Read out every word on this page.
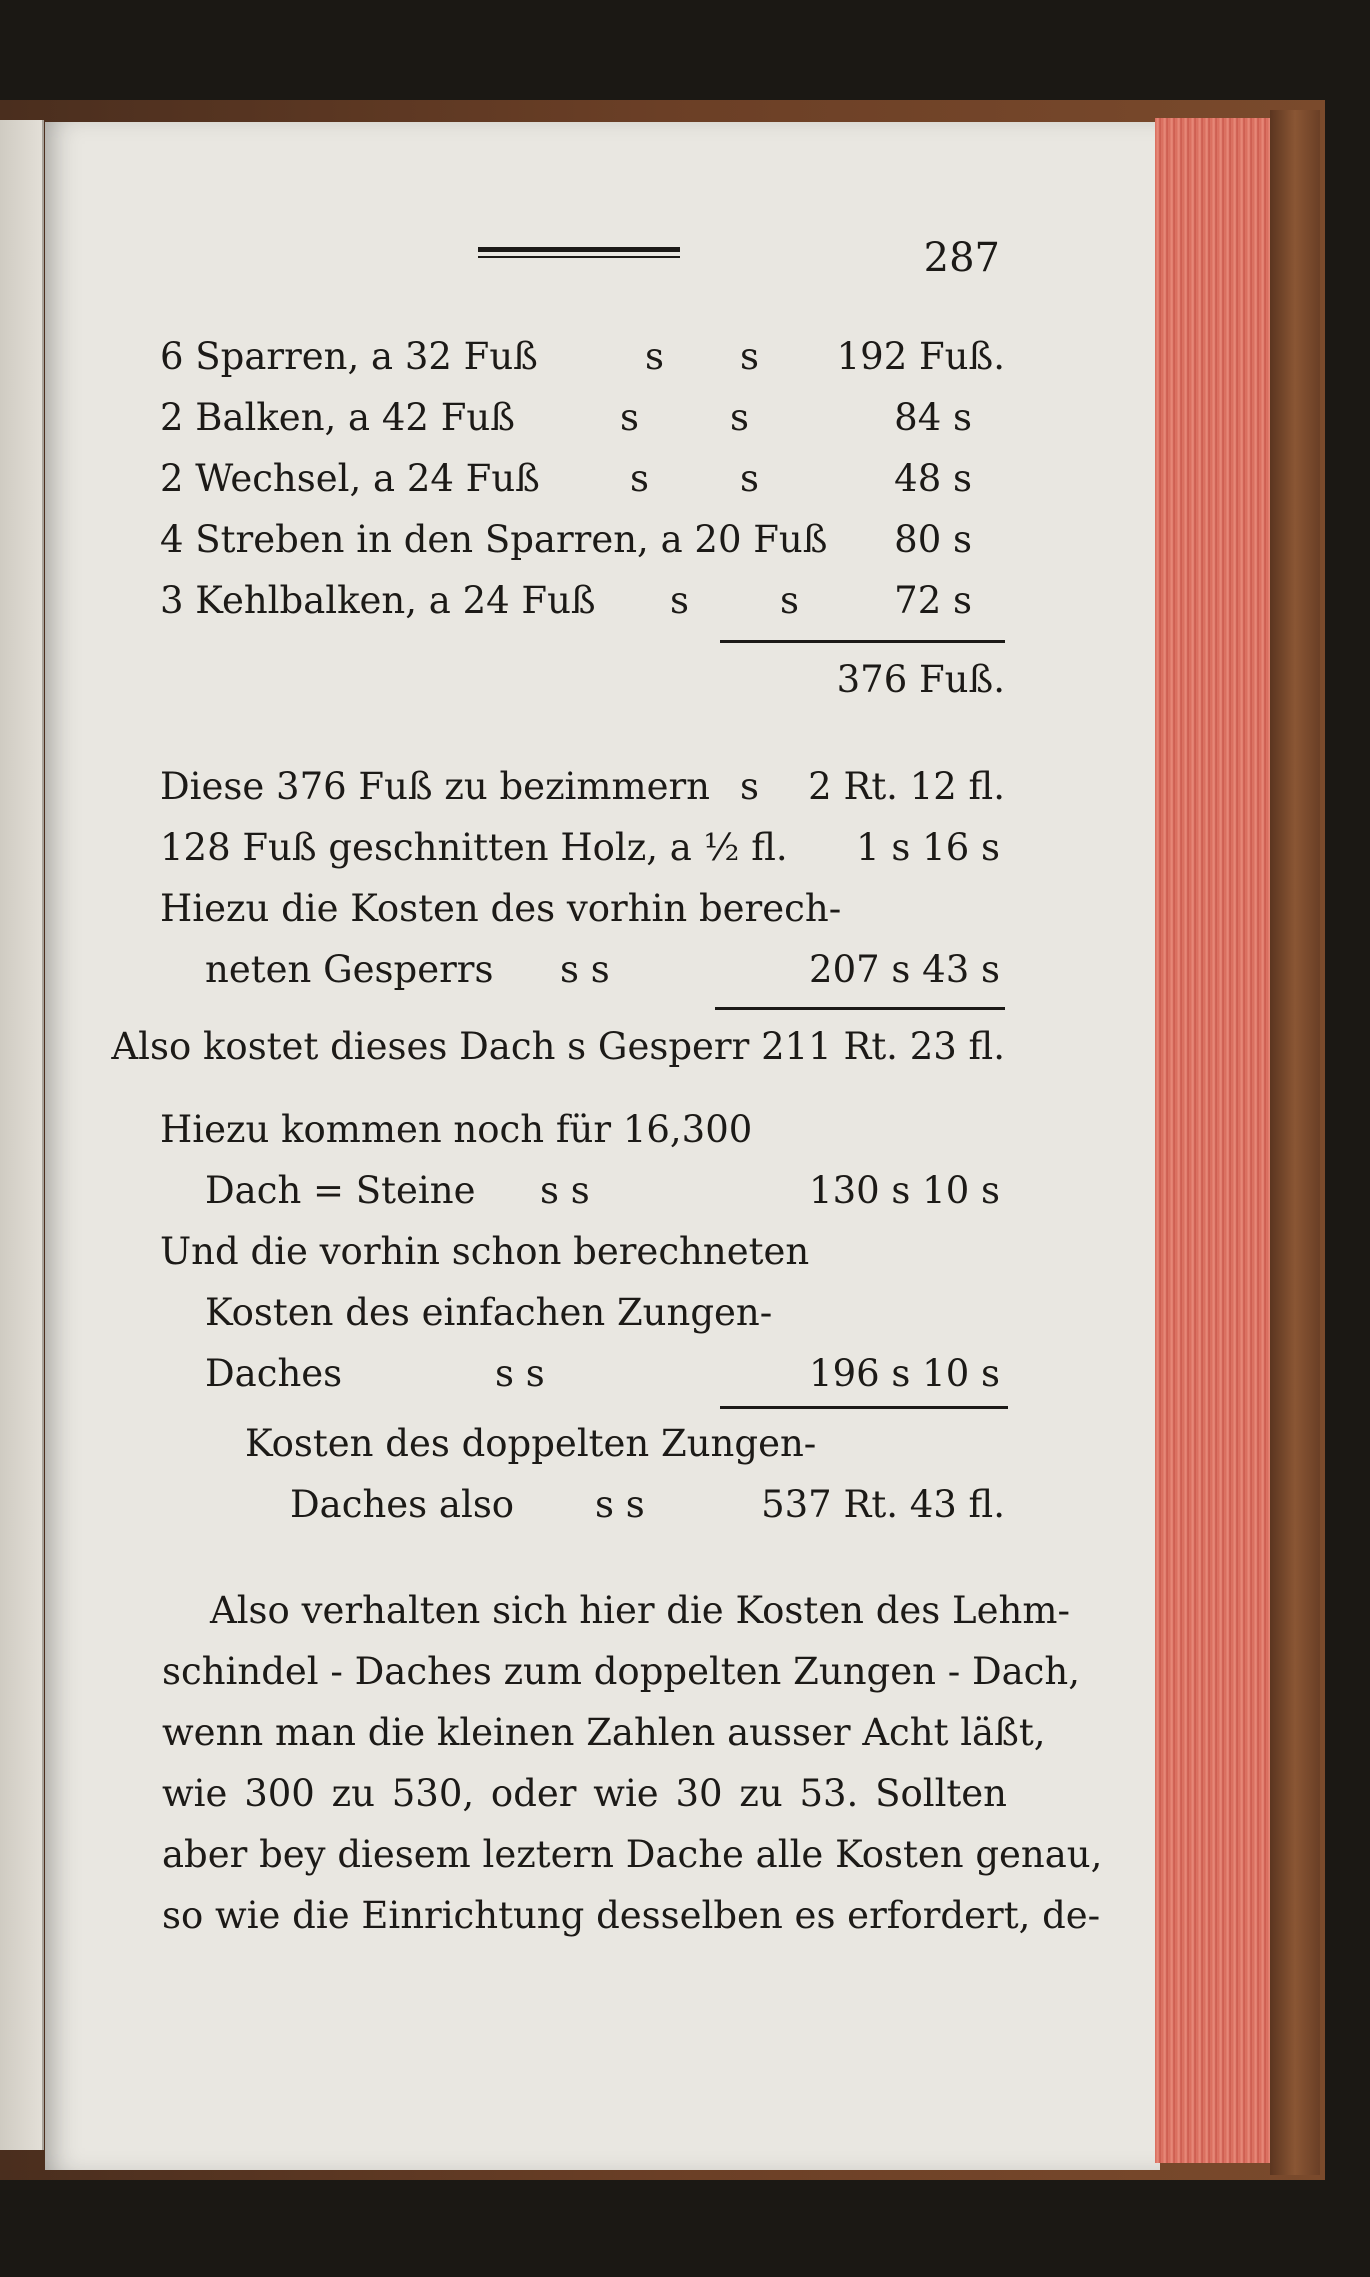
287
6 Sparren, a 32 Fuß	s s 192 Fuß.
2 Balken, a 42 Fuß	s s	84 s
2 Wechsel, a 24 Fuß s s	48 s
4 Streben in den Sparren, a 20 Fuß 80 s
3 Kehlbalken, a 24 Fuß s s	72 s
376 Fuß.
Diese 376 Fuß zu bezimmern s 2 Rt. 12 fl.
128 Fuß geschnitten Holz, a ½ fl. 1 s 16 s
Hiezu die Kosten des vorhin berech-
neten Gesperrs s s	207 s 43 s
Also kostet dieses Dach s Gesperr 211 Rt. 23 fl.
Hiezu kommen noch für 16,300
Dach = Steine s s	130 s 10 s
Und die vorhin schon berechneten
Kosten des einfachen Zungen-
Daches	s s	196 s 10 s
Kosten des doppelten Zungen-
Daches also s s	537 Rt. 43 fl.
Also verhalten sich hier die Kosten des Lehm-
schindel - Daches zum doppelten Zungen - Dach,
wenn man die kleinen Zahlen ausser Acht läßt,
wie 300 zu 530, oder wie 30 zu 53. Sollten
aber bey diesem leztern Dache alle Kosten genau,
so wie die Einrichtung desselben es erfordert, de-
